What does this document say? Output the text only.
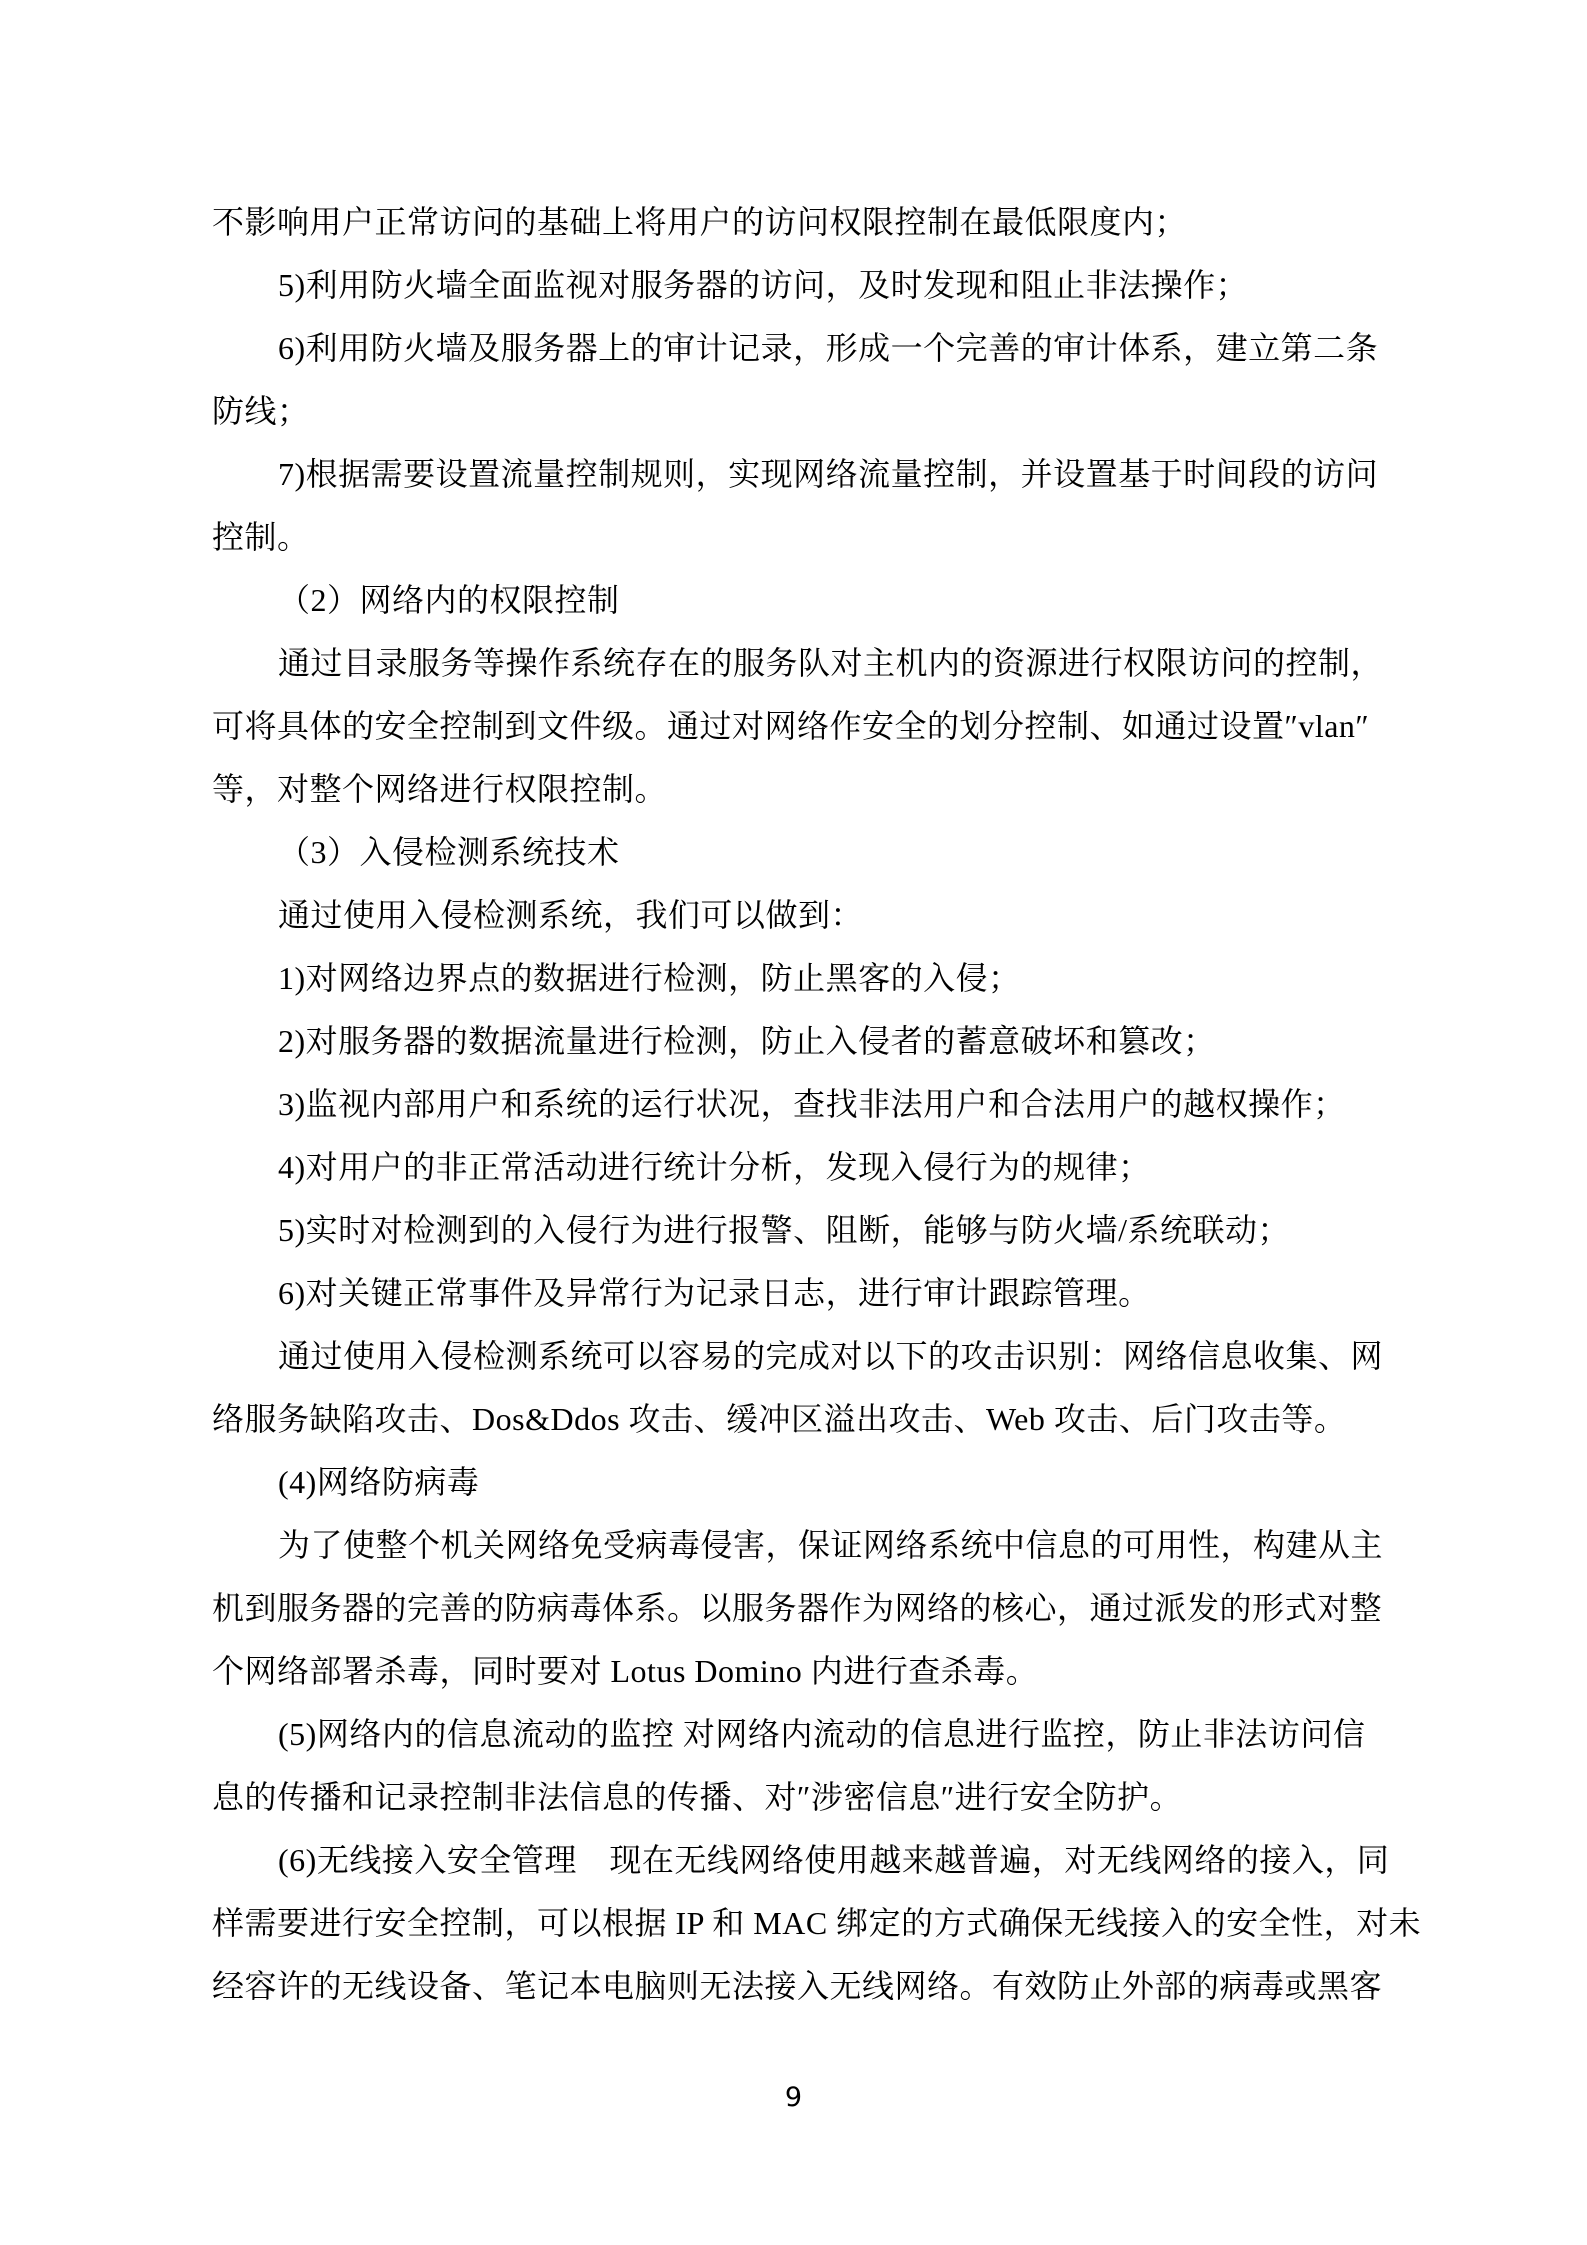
不影响用户正常访问的基础上将用户的访问权限控制在最低限度内；
5)利用防火墙全面监视对服务器的访问，及时发现和阻止非法操作；
6)利用防火墙及服务器上的审计记录，形成一个完善的审计体系，建立第二条
防线；
7)根据需要设置流量控制规则，实现网络流量控制，并设置基于时间段的访问
控制。
（2）网络内的权限控制
通过目录服务等操作系统存在的服务队对主机内的资源进行权限访问的控制，
可将具体的安全控制到文件级。通过对网络作安全的划分控制、如通过设置″vlan″
等，对整个网络进行权限控制。
（3）入侵检测系统技术
通过使用入侵检测系统，我们可以做到：
1)对网络边界点的数据进行检测，防止黑客的入侵；
2)对服务器的数据流量进行检测，防止入侵者的蓄意破坏和篡改；
3)监视内部用户和系统的运行状况，查找非法用户和合法用户的越权操作；
4)对用户的非正常活动进行统计分析，发现入侵行为的规律；
5)实时对检测到的入侵行为进行报警、阻断，能够与防火墙/系统联动；
6)对关键正常事件及异常行为记录日志，进行审计跟踪管理。
通过使用入侵检测系统可以容易的完成对以下的攻击识别：网络信息收集、网
络服务缺陷攻击、Dos&Ddos 攻击、缓冲区溢出攻击、Web 攻击、后门攻击等。
(4)网络防病毒
为了使整个机关网络免受病毒侵害，保证网络系统中信息的可用性，构建从主
机到服务器的完善的防病毒体系。以服务器作为网络的核心，通过派发的形式对整
个网络部署杀毒，同时要对 Lotus Domino 内进行查杀毒。
(5)网络内的信息流动的监控 对网络内流动的信息进行监控，防止非法访问信
息的传播和记录控制非法信息的传播、对″涉密信息″进行安全防护。
(6)无线接入安全管理　现在无线网络使用越来越普遍，对无线网络的接入，同
样需要进行安全控制，可以根据 IP 和 MAC 绑定的方式确保无线接入的安全性，对未
经容许的无线设备、笔记本电脑则无法接入无线网络。有效防止外部的病毒或黑客
9
